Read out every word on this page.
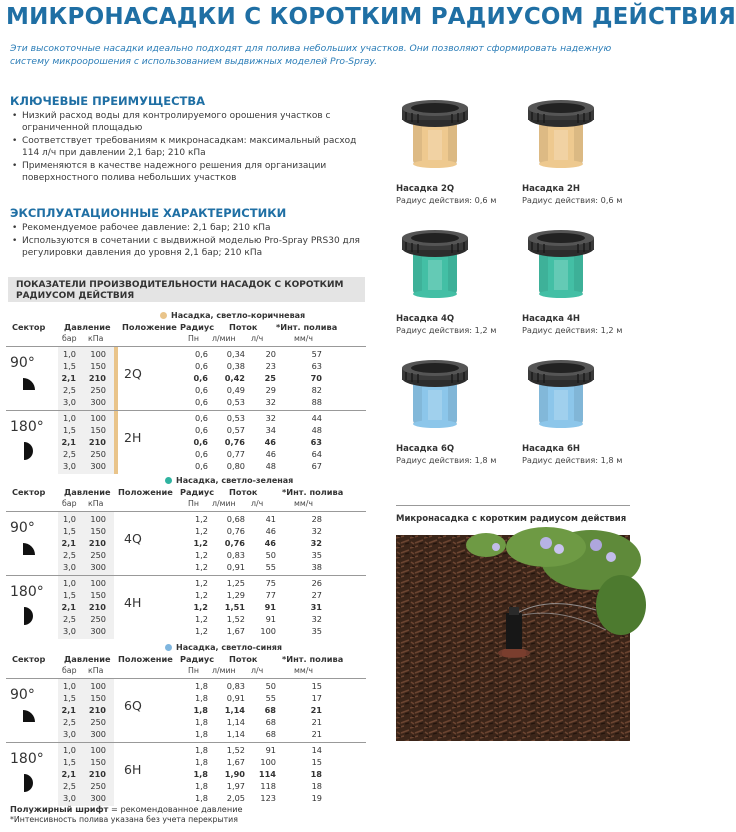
МИКРОНАСАДКИ С КОРОТКИМ РАДИУСОМ ДЕЙСТВИЯ
Эти высокоточные насадки идеально подходят для полива небольших участков. Они позволяют сформировать надежную систему микроорошения с использованием выдвижных моделей Pro-Spray.
КЛЮЧЕВЫЕ ПРЕИМУЩЕСТВА
• Низкий расход воды для контролируемого орошения участков с ограниченной площадью
• Соответствует требованиям к микронасадкам: максимальный расход 114 л/ч при давлении 2,1 бар; 210 кПа
• Применяются в качестве надежного решения для организации поверхностного полива небольших участков
ЭКСПЛУАТАЦИОННЫЕ ХАРАКТЕРИСТИКИ
• Рекомендуемое рабочее давление: 2,1 бар; 210 кПа
• Используются в сочетании с выдвижной моделью Pro-Spray PRS30 для регулировки давления до уровня 2,1 бар; 210 кПа
ПОКАЗАТЕЛИ ПРОИЗВОДИТЕЛЬНОСТИ НАСАДОК С КОРОТКИМ РАДИУСОМ ДЕЙСТВИЯ
Насадка, светло-коричневая
Сектор Давление Положение Радиус Поток *Инт. полива
бар кПа	Пн л/мин л/ч	мм/ч
90°
2Q
1,0	100	0,6	0,34	20	57
1,5	150	0,6	0,38	23	63
2,1	210	0,6	0,42	25	70
2,5	250	0,6	0,49	29	82
3,0	300	0,6	0,53	32	88
180°
2H
1,0	100	0,6	0,53	32	44
1,5	150	0,6	0,57	34	48
2,1	210	0,6	0,76	46	63
2,5	250	0,6	0,77	46	64
3,0	300	0,6	0,80	48	67
Насадка, светло-зеленая
Сектор Давление Положение Радиус Поток	*Инт. полива
бар кПа	Пн л/мин л/ч	мм/ч
90°
4Q
1,0	100	1,2	0,68	41	28
1,5	150	1,2	0,76	46	32
2,1	210	1,2	0,76	46	32
2,5	250	1,2	0,83	50	35
3,0	300	1,2	0,91	55	38
180°
4H
1,0	100	1,2	1,25	75	26
1,5	150	1,2	1,29	77	27
2,1	210	1,2	1,51	91	31
2,5	250	1,2	1,52	91	32
3,0	300	1,2	1,67	100	35
Насадка, светло-синяя
Сектор Давление Положение Радиус Поток	*Инт. полива
бар кПа	Пн л/мин л/ч	мм/ч
90°
6Q
1,0	100	1,8	0,83	50	15
1,5	150	1,8	0,91	55	17
2,1	210	1,8	1,14	68	21
2,5	250	1,8	1,14	68	21
3,0	300	1,8	1,14	68	21
180°
6H
1,0	100	1,8	1,52	91	14
1,5	150	1,8	1,67	100	15
2,1	210	1,8	1,90	114	18
2,5	250	1,8	1,97	118	18
3,0	300	1,8	2,05	123	19
Полужирный шрифт = рекомендованное давление
*Интенсивность полива указана без учета перекрытия
Насадка 2Q
Радиус действия: 0,6 м
Насадка 2H
Радиус действия: 0,6 м
Насадка 4Q
Радиус действия: 1,2 м
Насадка 4H
Радиус действия: 1,2 м
Насадка 6Q
Радиус действия: 1,8 м
Насадка 6H
Радиус действия: 1,8 м
Микронасадка с коротким радиусом действия
